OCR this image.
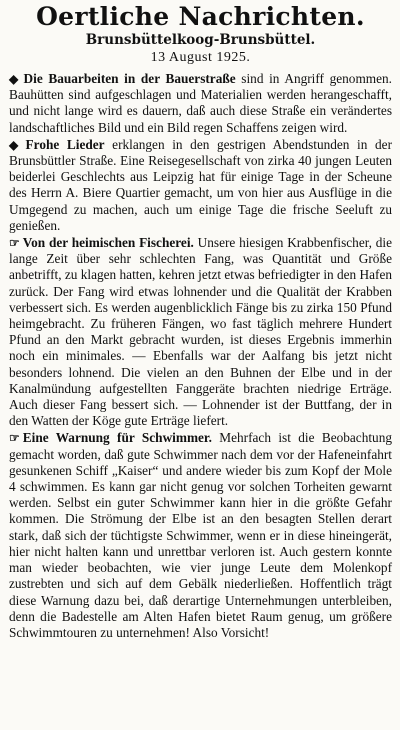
Oertliche Nachrichten.
Brunsbüttelkoog-Brunsbüttel.
13 August 1925.

◆ Die Bauarbeiten in der Bauerstraße sind in Angriff genommen. Bauhütten sind aufgeschlagen und Materialien werden herangeschafft, und nicht lange wird es dauern, daß auch diese Straße ein verändertes landschaftliches Bild und ein Bild regen Schaffens zeigen wird.

◆ Frohe Lieder erklangen in den gestrigen Abendstunden in der Brunsbüttler Straße. Eine Reisegesellschaft von zirka 40 jungen Leuten beiderlei Geschlechts aus Leipzig hat für einige Tage in der Scheune des Herrn A. Biere Quartier gemacht, um von hier aus Ausflüge in die Umgegend zu machen, auch um einige Tage die frische Seeluft zu genießen.

☞ Von der heimischen Fischerei. Unsere hiesigen Krabbenfischer, die lange Zeit über sehr schlechten Fang, was Quantität und Größe anbetrifft, zu klagen hatten, kehren jetzt etwas befriedigter in den Hafen zurück. Der Fang wird etwas lohnender und die Qualität der Krabben verbessert sich. Es werden augenblicklich Fänge bis zu zirka 150 Pfund heimgebracht. Zu früheren Fängen, wo fast täglich mehrere Hundert Pfund an den Markt gebracht wurden, ist dieses Ergebnis immerhin noch ein minimales. — Ebenfalls war der Aalfang bis jetzt nicht besonders lohnend. Die vielen an den Buhnen der Elbe und in der Kanalmündung aufgestellten Fanggeräte brachten niedrige Erträge. Auch dieser Fang bessert sich. — Lohnender ist der Buttfang, der in den Watten der Köge gute Erträge liefert.

☞ Eine Warnung für Schwimmer. Mehrfach ist die Beobachtung gemacht worden, daß gute Schwimmer nach dem vor der Hafeneinfahrt gesunkenen Schiff „Kaiser“ und andere wieder bis zum Kopf der Mole 4 schwimmen. Es kann gar nicht genug vor solchen Torheiten gewarnt werden. Selbst ein guter Schwimmer kann hier in die größte Gefahr kommen. Die Strömung der Elbe ist an den besagten Stellen derart stark, daß sich der tüchtigste Schwimmer, wenn er in diese hineingerät, hier nicht halten kann und unrettbar verloren ist. Auch gestern konnte man wieder beobachten, wie vier junge Leute dem Molenkopf zustrebten und sich auf dem Gebälk niederließen. Hoffentlich trägt diese Warnung dazu bei, daß derartige Unternehmungen unterbleiben, denn die Badestelle am Alten Hafen bietet Raum genug, um größere Schwimmtouren zu unternehmen! Also Vorsicht!
